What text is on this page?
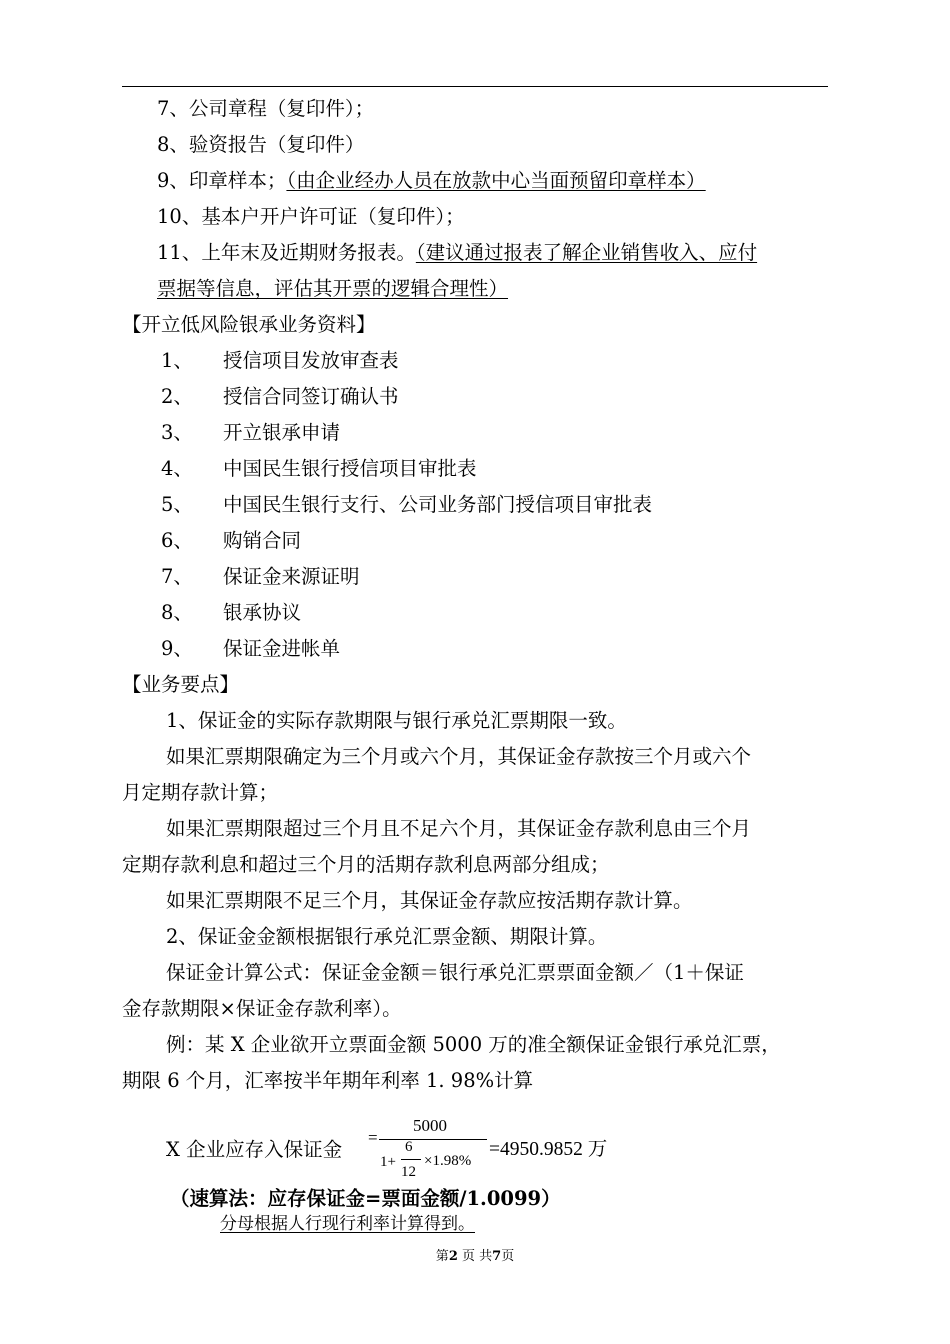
7、公司章程（复印件）；
8、验资报告（复印件）
9、印章样本；（由企业经办人员在放款中心当面预留印章样本）
10、基本户开户许可证（复印件）；
11、上年末及近期财务报表。（建议通过报表了解企业销售收入、应付
票据等信息，评估其开票的逻辑合理性）
【开立低风险银承业务资料】
1、 授信项目发放审查表
2、 授信合同签订确认书
3、 开立银承申请
4、 中国民生银行授信项目审批表
5、 中国民生银行支行、公司业务部门授信项目审批表
6、 购销合同
7、 保证金来源证明
8、 银承协议
9、 保证金进帐单
【业务要点】
1、保证金的实际存款期限与银行承兑汇票期限一致。
如果汇票期限确定为三个月或六个月，其保证金存款按三个月或六个
月定期存款计算；
如果汇票期限超过三个月且不足六个月，其保证金存款利息由三个月
定期存款利息和超过三个月的活期存款利息两部分组成；
如果汇票期限不足三个月，其保证金存款应按活期存款计算。
2、保证金金额根据银行承兑汇票金额、期限计算。
保证金计算公式：保证金金额＝银行承兑汇票票面金额／（1＋保证
金存款期限×保证金存款利率）。
例：某 X 企业欲开立票面金额 5000 万的准全额保证金银行承兑汇票，
期限 6 个月，汇率按半年期年利率 1. 98%计算
X 企业应存入保证金
=
5000
1+
6
12
×1.98%
=4950.9852 万
（速算法：应存保证金=票面金额/1.0099）
分母根据人行现行利率计算得到。
第2 页 共7页
